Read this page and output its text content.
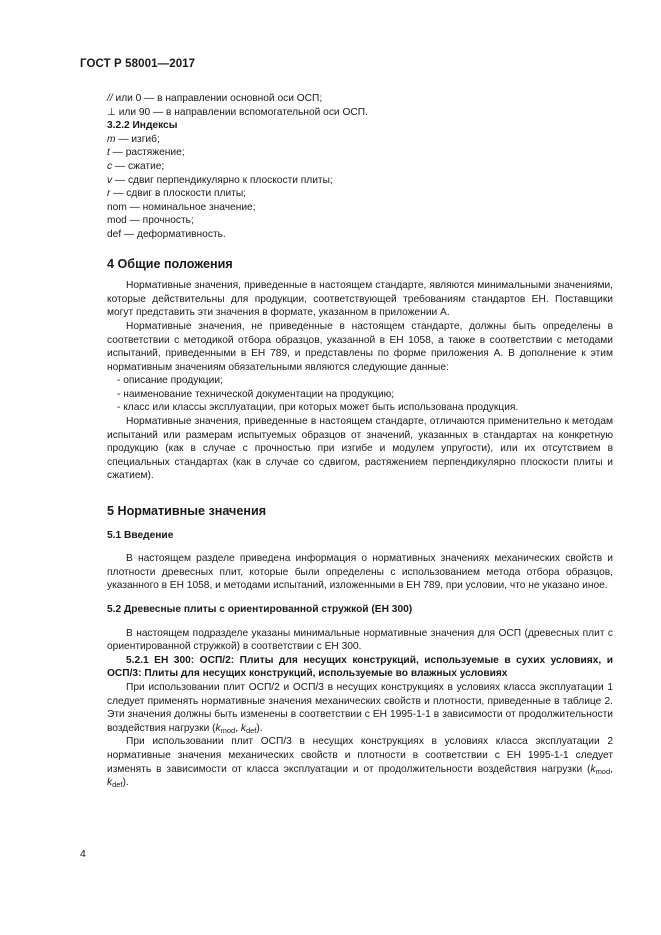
ГОСТ Р 58001—2017
// или 0 — в направлении основной оси ОСП;
⊥ или 90 — в направлении вспомогательной оси ОСП.
3.2.2 Индексы
m — изгиб;
t — растяжение;
c — сжатие;
v — сдвиг перпендикулярно к плоскости плиты;
r — сдвиг в плоскости плиты;
nom — номинальное значение;
mod — прочность;
def — деформативность.
4 Общие положения

Нормативные значения, приведенные в настоящем стандарте, являются минимальными значениями, которые действительны для продукции, соответствующей требованиям стандартов ЕН. Поставщики могут представить эти значения в формате, указанном в приложении А.

Нормативные значения, не приведенные в настоящем стандарте, должны быть определены в соответствии с методикой отбора образцов, указанной в ЕН 1058, а также в соответствии с методами испытаний, приведенными в ЕН 789, и представлены по форме приложения А. В дополнение к этим нормативным значениям обязательными являются следующие данные:

- описание продукции;
- наименование технической документации на продукцию;
- класс или классы эксплуатации, при которых может быть использована продукция.

Нормативные значения, приведенные в настоящем стандарте, отличаются применительно к методам испытаний или размерам испытуемых образцов от значений, указанных в стандартах на конкретную продукцию (как в случае с прочностью при изгибе и модулем упругости), или их отсутствием в специальных стандартах (как в случае со сдвигом, растяжением перпендикулярно плоскости плиты и сжатием).

5 Нормативные значения
5.1 Введение

В настоящем разделе приведена информация о нормативных значениях механических свойств и плотности древесных плит, которые были определены с использованием метода отбора образцов, указанного в ЕН 1058, и методами испытаний, изложенными в ЕН 789, при условии, что не указано иное.

5.2 Древесные плиты с ориентированной стружкой (ЕН 300)

В настоящем подразделе указаны минимальные нормативные значения для ОСП (древесных плит с ориентированной стружкой) в соответствии с ЕН 300.

5.2.1 ЕН 300: ОСП/2: Плиты для несущих конструкций, используемые в сухих условиях, и ОСП/3: Плиты для несущих конструкций, используемые во влажных условиях

При использовании плит ОСП/2 и ОСП/3 в несущих конструкциях в условиях класса эксплуатации 1 следует применять нормативные значения механических свойств и плотности, приведенные в таблице 2. Эти значения должны быть изменены в соответствии с ЕН 1995-1-1 в зависимости от продолжительности воздействия нагрузки ($k_{mod}$, $k_{def}$).

При использовании плит ОСП/3 в несущих конструкциях в условиях класса эксплуатации 2 нормативные значения механических свойств и плотности в соответствии с ЕН 1995-1-1 следует изменять в зависимости от класса эксплуатации и от продолжительности воздействия нагрузки ($k_{mod}$, $k_{def}$).

4
